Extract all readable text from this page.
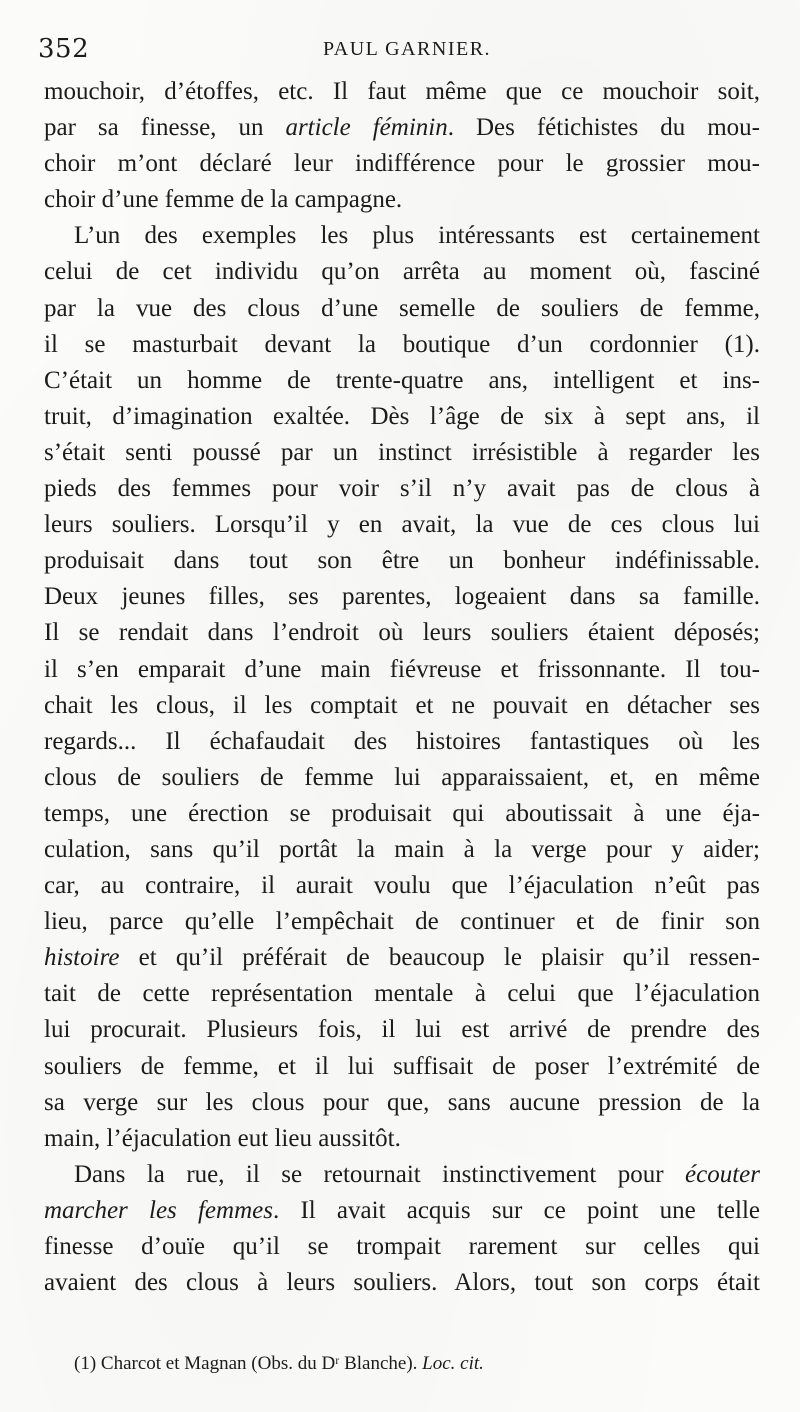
352	PAUL GARNIER.
mouchoir, d’étoffes, etc. Il faut même que ce mouchoir soit,
par sa finesse, un article féminin. Des fétichistes du mou-
choir m’ont déclaré leur indifférence pour le grossier mou-
choir d’une femme de la campagne.
L’un des exemples les plus intéressants est certainement
celui de cet individu qu’on arrêta au moment où, fasciné
par la vue des clous d’une semelle de souliers de femme,
il se masturbait devant la boutique d’un cordonnier (1).
C’était un homme de trente-quatre ans, intelligent et ins-
truit, d’imagination exaltée. Dès l’âge de six à sept ans, il
s’était senti poussé par un instinct irrésistible à regarder les
pieds des femmes pour voir s’il n’y avait pas de clous à
leurs souliers. Lorsqu’il y en avait, la vue de ces clous lui
produisait dans tout son être un bonheur indéfinissable.
Deux jeunes filles, ses parentes, logeaient dans sa famille.
Il se rendait dans l’endroit où leurs souliers étaient déposés;
il s’en emparait d’une main fiévreuse et frissonnante. Il tou-
chait les clous, il les comptait et ne pouvait en détacher ses
regards... Il échafaudait des histoires fantastiques où les
clous de souliers de femme lui apparaissaient, et, en même
temps, une érection se produisait qui aboutissait à une éja-
culation, sans qu’il portât la main à la verge pour y aider;
car, au contraire, il aurait voulu que l’éjaculation n’eût pas
lieu, parce qu’elle l’empêchait de continuer et de finir son
histoire et qu’il préférait de beaucoup le plaisir qu’il ressen-
tait de cette représentation mentale à celui que l’éjaculation
lui procurait. Plusieurs fois, il lui est arrivé de prendre des
souliers de femme, et il lui suffisait de poser l’extrémité de
sa verge sur les clous pour que, sans aucune pression de la
main, l’éjaculation eut lieu aussitôt.
Dans la rue, il se retournait instinctivement pour écouter
marcher les femmes. Il avait acquis sur ce point une telle
finesse d’ouïe qu’il se trompait rarement sur celles qui
avaient des clous à leurs souliers. Alors, tout son corps était
(1) Charcot et Magnan (Obs. du Dʳ Blanche). Loc. cit.
